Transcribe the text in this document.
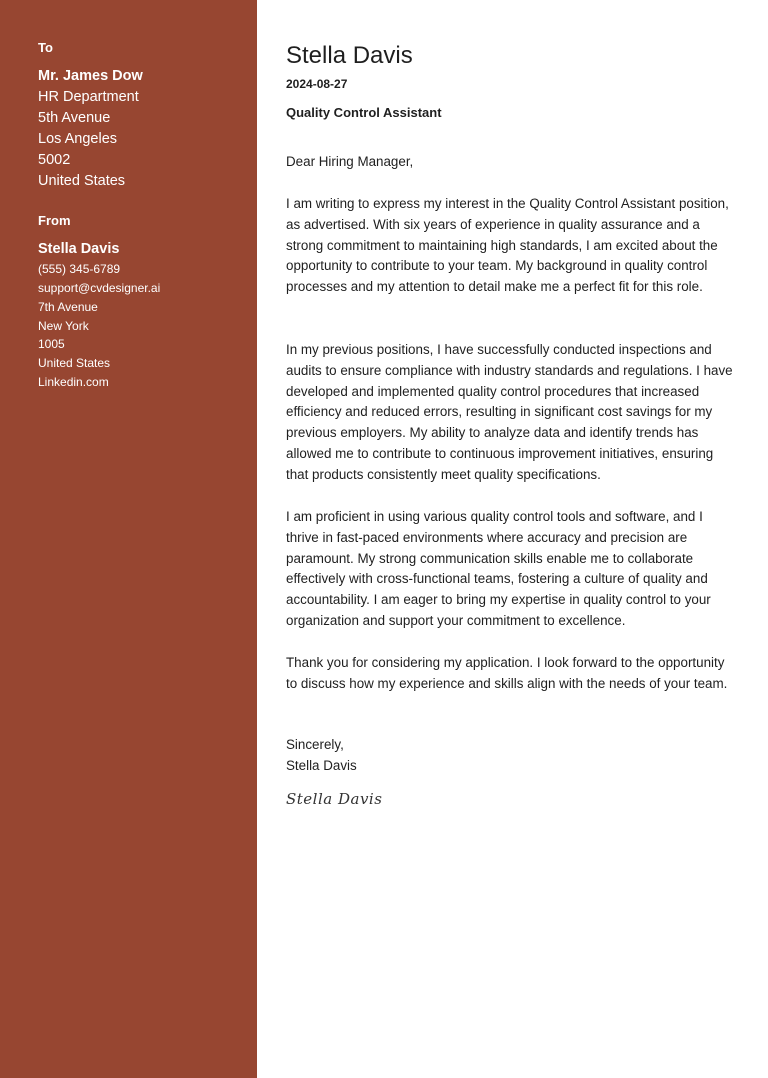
To
Mr. James Dow
HR Department
5th Avenue
Los Angeles
5002
United States
From
Stella Davis
(555) 345-6789
support@cvdesigner.ai
7th Avenue
New York
1005
United States
Linkedin.com
Stella Davis
2024-08-27
Quality Control Assistant

Dear Hiring Manager,

I am writing to express my interest in the Quality Control Assistant position, as advertised. With six years of experience in quality assurance and a strong commitment to maintaining high standards, I am excited about the opportunity to contribute to your team. My background in quality control processes and my attention to detail make me a perfect fit for this role.

In my previous positions, I have successfully conducted inspections and audits to ensure compliance with industry standards and regulations. I have developed and implemented quality control procedures that increased efficiency and reduced errors, resulting in significant cost savings for my previous employers. My ability to analyze data and identify trends has allowed me to contribute to continuous improvement initiatives, ensuring that products consistently meet quality specifications.

I am proficient in using various quality control tools and software, and I thrive in fast-paced environments where accuracy and precision are paramount. My strong communication skills enable me to collaborate effectively with cross-functional teams, fostering a culture of quality and accountability. I am eager to bring my expertise in quality control to your organization and support your commitment to excellence.

Thank you for considering my application. I look forward to the opportunity to discuss how my experience and skills align with the needs of your team.

Sincerely,

Stella Davis

Stella Davis
